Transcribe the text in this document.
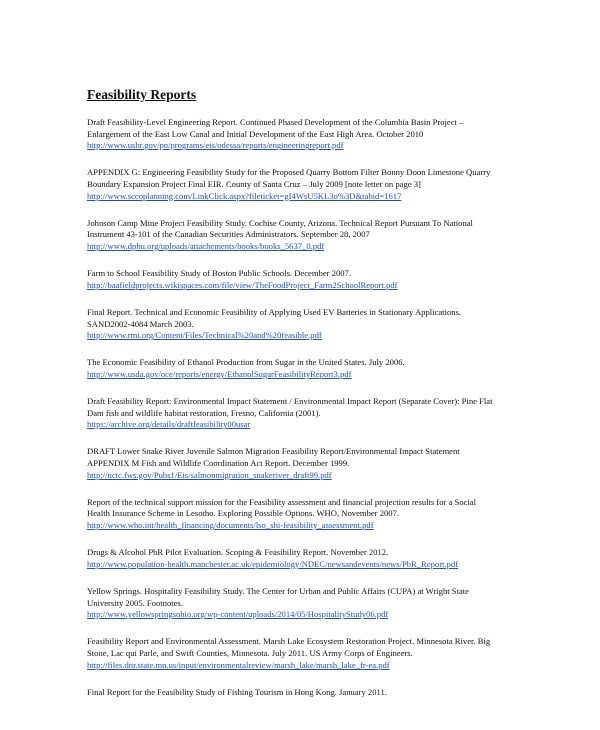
Feasibility Reports
Draft Feasibility-Level Engineering Report. Continued Phased Development of the Columbia Basin Project – Enlargement of the East Low Canal and Initial Development of the East High Area. October 2010
http://www.usbr.gov/pn/programs/eis/odessa/reports/engineeringreport.pdf
APPENDIX G: Engineering Feasibility Study for the Proposed Quarry Bottom Filter Bonny Doon Limestone Quarry Boundary Expansion Project Final EIR. County of Santa Cruz – July 2009 [note letter on page 3]
http://www.sccoplanning.com/LinkClick.aspx?fileticket=gI4WsU5KL3o%3D&tabid=1617
Johnson Camp Mine Project Feasibility Study. Cochise County, Arizona. Technical Report Pursuant To National Instrument 43-101 of the Canadian Securities Administrators. September 28, 2007
http://www.dphu.org/uploads/attachements/books/books_5637_0.pdf
Farm to School Feasibility Study of Boston Public Schools. December 2007.
http://baafieldprojects.wikispaces.com/file/view/TheFoodProject_Farm2SchoolReport.pdf
Final Report. Technical and Economic Feasibility of Applying Used EV Batteries in Stationary Applications. SAND2002-4084 March 2003.
http://www.rmi.org/Content/Files/Technical%20and%20feasible.pdf
The Economic Feasibility of Ethanol Production from Sugar in the United States. July 2006.
http://www.usda.gov/oce/reports/energy/EthanolSugarFeasibilityReport3.pdf
Draft Feasibility Report: Environmental Impact Statement / Environmental Impact Report (Separate Cover): Pine Flat Dam fish and wildlife habitat restoration, Fresno, California (2001).
https://archive.org/details/draftfeasibility00usar
DRAFT Lower Snake River Juvenile Salmon Migration Feasibility Report/Environmental Impact Statement APPENDIX M Fish and Wildlife Coordination Act Report. December 1999.
http://nctc.fws.gov/Pubs1/Eis/salmonmigration_snakeriver_draft99.pdf
Report of the technical support mission for the Feasibility assessment and financial projection results for a Social Health Insurance Scheme in Lesotho. Exploring Possible Options. WHO, November 2007.
http://www.who.int/health_financing/documents/lso_shi-feasibility_assessment.pdf
Drugs & Alcohol PbR Pilot Evaluation. Scoping & Feasibility Report. November 2012.
http://www.population-health.manchester.ac.uk/epidemiology/NDEC/newsandevents/news/PbR_Report.pdf
Yellow Springs. Hospitality Feasibility Study. The Center for Urban and Public Affairs (CUPA) at Wright State University 2005. Footnotes.
http://www.yellowspringsohio.org/wp-content/uploads/2014/05/HospitalityStudy06.pdf
Feasibility Report and Environmental Assessment. Marsh Lake Ecosystem Restoration Project. Minnesota River. Big Stone, Lac qui Parle, and Swift Counties, Minnesota. July 2011. US Army Corps of Engineers.
http://files.dnr.state.mn.us/input/environmentalreview/marsh_lake/marsh_lake_fr-ea.pdf
Final Report for the Feasibility Study of Fishing Tourism in Hong Kong. January 2011.
